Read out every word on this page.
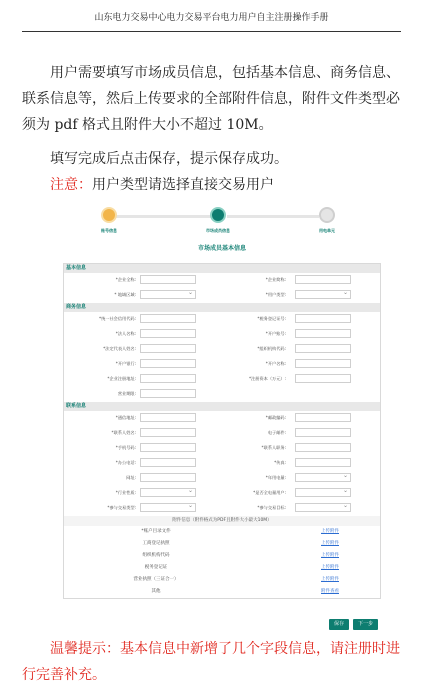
山东电力交易中心电力交易平台电力用户自主注册操作手册
用户需要填写市场成员信息，包括基本信息、商务信息、联系信息等，然后上传要求的全部附件信息，附件文件类型必须为 pdf 格式且附件大小不超过 10M。
填写完成后点击保存，提示保存成功。
注意：用户类型请选择直接交易用户
账号信息	市场成员信息	用电单元
市场成员基本信息
基本信息
*企业全称:	*企业简称:
* 地域区域: ⌄	*用户类型:
⌄
商务信息
*统一社会信用代码:	*税务登记证号:
*法人名称:	*开户账号:
*法定代表人姓名:	*组织机构代码:
*开户银行:	*开户名称:
*企业注册地址:	*注册资本（万元）:
营业期限:
联系信息
*通信地址:	*邮政编码:
*联系人姓名:	电子邮件:
*手机号码:	*联系人职务:
*办公电话:	*传真:
网址:	*年用电量:
⌄
*行业性质: ⌄	*是否全电量用户:
⌄
*参与交易类型: ⌄	*参与交易目标:
⌄
附件信息（附件格式为PDF且附件大小最大10M）
*账户目录文件	上传附件
工商登记执照	上传附件
组织机构代码	上传附件
税务登记证	上传附件
营业执照（三证合一）	上传附件
其他	附件查看
保存	下一步
温馨提示：基本信息中新增了几个字段信息，请注册时进行完善补充。
